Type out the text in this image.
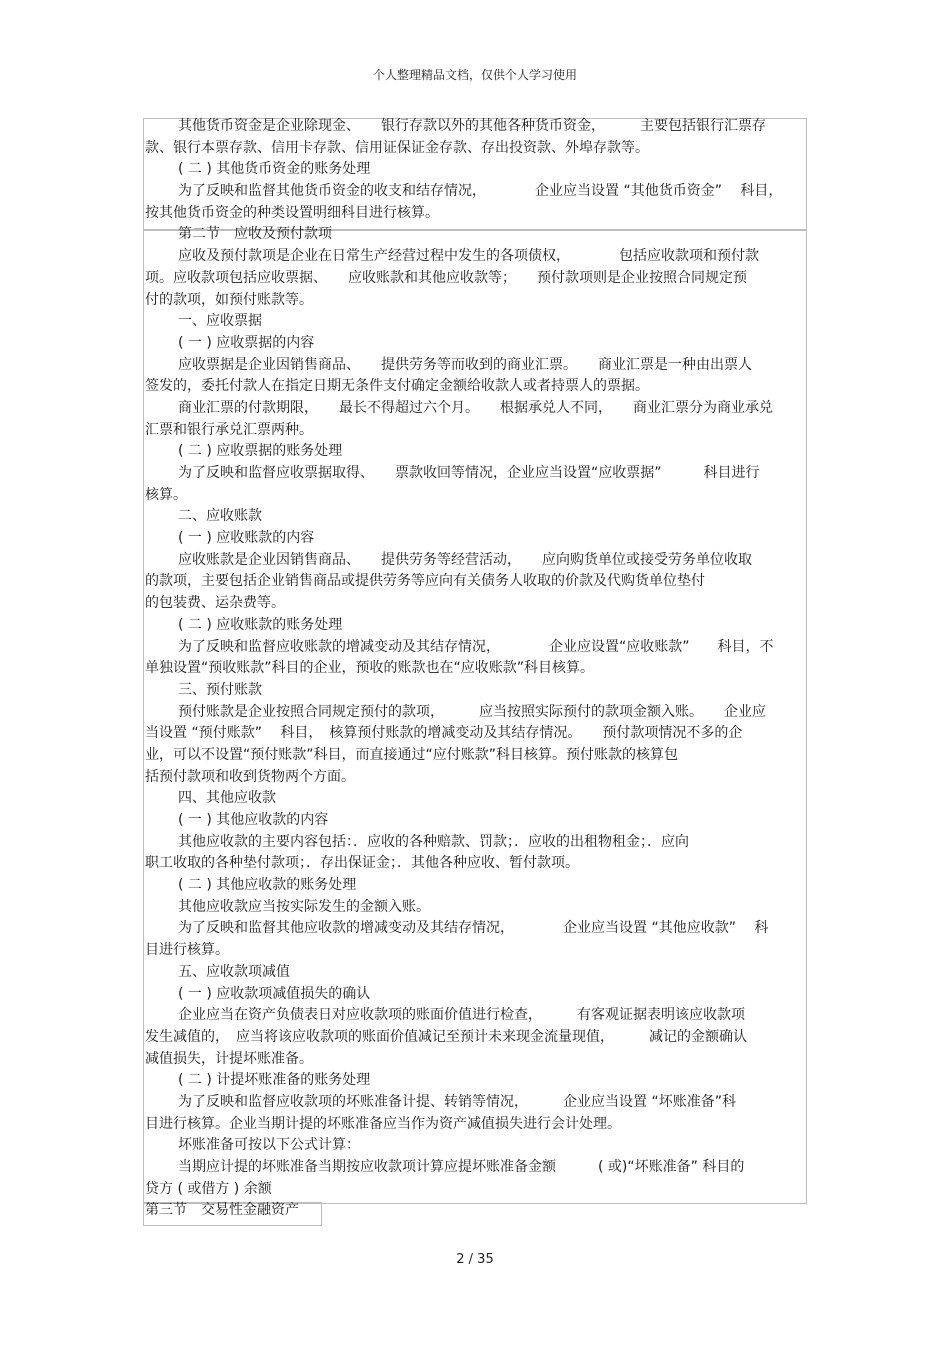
个人整理精品文档，仅供个人学习使用
其他货币资金是企业除现金、　　银行存款以外的其他各种货币资金，　　　主要包括银行汇票存
款、银行本票存款、信用卡存款、信用证保证金存款、存出投资款、外埠存款等。
( 二 ) 其他货币资金的账务处理
为了反映和监督其他货币资金的收支和结存情况，　　　　企业应当设置 “其他货币资金” 　科目，
按其他货币资金的种类设置明细科目进行核算。
第二节　应收及预付款项
应收及预付款项是企业在日常生产经营过程中发生的各项债权，　　　　包括应收款项和预付款
项。应收款项包括应收票据、　　应收账款和其他应收款等；　　预付款项则是企业按照合同规定预
付的款项，如预付账款等。
一、应收票据
( 一 ) 应收票据的内容
应收票据是企业因销售商品、　　提供劳务等而收到的商业汇票。　　商业汇票是一种由出票人
签发的，委托付款人在指定日期无条件支付确定金额给收款人或者持票人的票据。
商业汇票的付款期限，　　最长不得超过六个月。　　根据承兑人不同，　　商业汇票分为商业承兑
汇票和银行承兑汇票两种。
( 二 ) 应收票据的账务处理
为了反映和监督应收票据取得、　　票款收回等情况，企业应当设置“应收票据”　　　科目进行
核算。
二、应收账款
( 一 ) 应收账款的内容
应收账款是企业因销售商品、　　提供劳务等经营活动，　　应向购货单位或接受劳务单位收取
的款项，主要包括企业销售商品或提供劳务等应向有关债务人收取的价款及代购货单位垫付
的包装费、运杂费等。
( 二 ) 应收账款的账务处理
为了反映和监督应收账款的增减变动及其结存情况，　　　　企业应设置“应收账款”　　科目，不
单独设置“预收账款”科目的企业，预收的账款也在“应收账款”科目核算。
三、预付账款
预付账款是企业按照合同规定预付的款项，　　　应当按照实际预付的款项金额入账。　　企业应
当设置 “预付账款” 　科目，　核算预付账款的增减变动及其结存情况。　　预付款项情况不多的企
业，可以不设置“预付账款”科目，而直接通过“应付账款”科目核算。预付账款的核算包
括预付款项和收到货物两个方面。
四、其他应收款
( 一 ) 其他应收款的内容
其他应收款的主要内容包括：．应收的各种赔款、罚款；．应收的出租物租金；．应向
职工收取的各种垫付款项；．存出保证金；．其他各种应收、暂付款项。
( 二 ) 其他应收款的账务处理
其他应收款应当按实际发生的金额入账。
为了反映和监督其他应收款的增减变动及其结存情况，　　　　企业应当设置 “其他应收款” 　科
目进行核算。
五、应收款项减值
( 一 ) 应收款项减值损失的确认
企业应当在资产负债表日对应收款项的账面价值进行检查，　　　有客观证据表明该应收款项
发生减值的，　应当将该应收款项的账面价值减记至预计未来现金流量现值，　　　减记的金额确认
减值损失，计提坏账准备。
( 二 ) 计提坏账准备的账务处理
为了反映和监督应收款项的坏账准备计提、转销等情况，　　　企业应当设置 “坏账准备”科
目进行核算。企业当期计提的坏账准备应当作为资产减值损失进行会计处理。
坏账准备可按以下公式计算：
当期应计提的坏账准备当期按应收款项计算应提坏账准备金额　　　( 或)“坏账准备” 科目的
贷方 ( 或借方 ) 余额
第三节　交易性金融资产
2 / 35
